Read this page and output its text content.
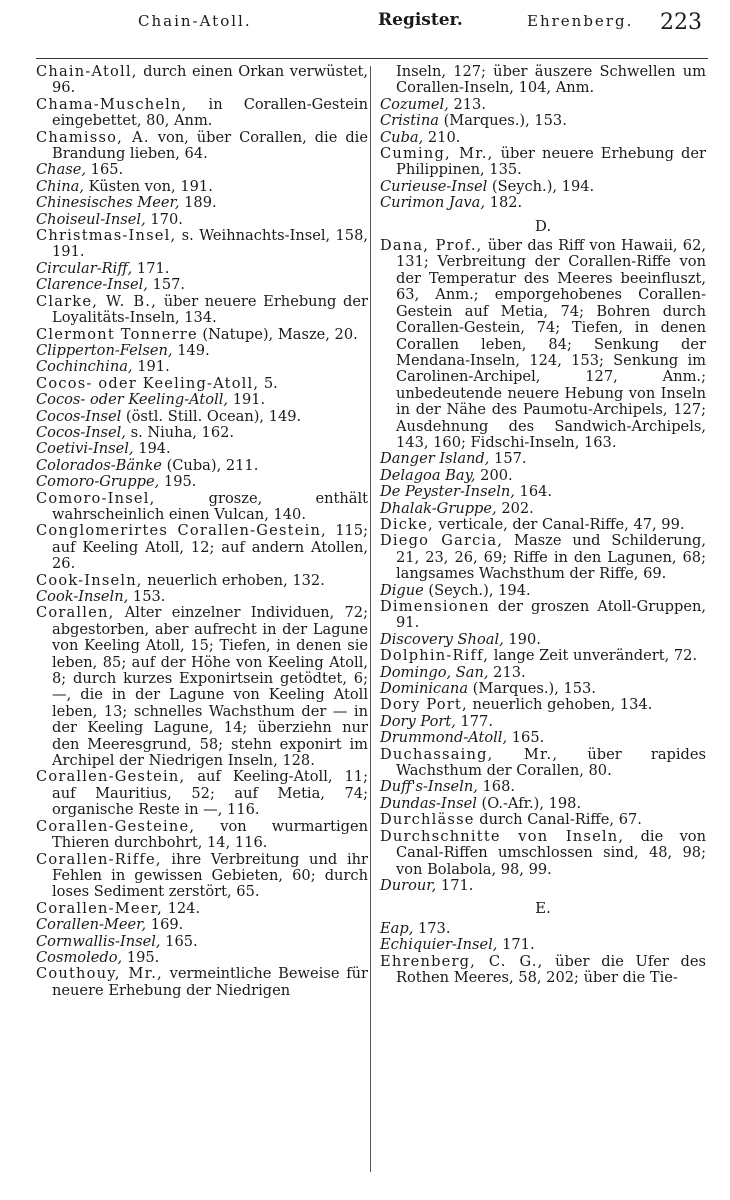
Chain-Atoll.	Register.	Ehrenberg. 223

Chain-Atoll, durch einen Orkan verwüstet, 96.

Chama-Muscheln, in Corallen-Gestein eingebettet, 80, Anm.

Chamisso, A. von, über Corallen, die die Brandung lieben, 64.

Chase, 165.

China, Küsten von, 191.

Chinesisches Meer, 189.

Choiseul-Insel, 170.

Christmas-Insel, s. Weihnachts-Insel, 158, 191.

Circular-Riff, 171.

Clarence-Insel, 157.

Clarke, W. B., über neuere Erhebung der Loyalitäts-Inseln, 134.

Clermont Tonnerre (Natupe), Masze, 20.

Clipperton-Felsen, 149.

Cochinchina, 191.

Cocos- oder Keeling-Atoll, 5.

Cocos- oder Keeling-Atoll, 191.

Cocos-Insel (östl. Still. Ocean), 149.

Cocos-Insel, s. Niuha, 162.

Coetivi-Insel, 194.

Colorados-Bänke (Cuba), 211.

Comoro-Gruppe, 195.

Comoro-Insel, grosze, enthält wahrscheinlich einen Vulcan, 140.

Conglomerirtes Corallen-Gestein, 115; auf Keeling Atoll, 12; auf andern Atollen, 26.

Cook-Inseln, neuerlich erhoben, 132.

Cook-Inseln, 153.

Corallen, Alter einzelner Individuen, 72; abgestorben, aber aufrecht in der Lagune von Keeling Atoll, 15; Tiefen, in denen sie leben, 85; auf der Höhe von Keeling Atoll, 8; durch kurzes Exponirtsein getödtet, 6; —, die in der Lagune von Keeling Atoll leben, 13; schnelles Wachsthum der — in der Keeling Lagune, 14; überziehn nur den Meeresgrund, 58; stehn exponirt im Archipel der Niedrigen Inseln, 128.

Corallen-Gestein, auf Keeling-Atoll, 11; auf Mauritius, 52; auf Metia, 74; organische Reste in —, 116.

Corallen-Gesteine, von wurmartigen Thieren durchbohrt, 14, 116.

Corallen-Riffe, ihre Verbreitung und ihr Fehlen in gewissen Gebieten, 60; durch loses Sediment zerstört, 65.

Corallen-Meer, 124.

Corallen-Meer, 169.

Cornwallis-Insel, 165.

Cosmoledo, 195.

Couthouy, Mr., vermeintliche Beweise für neuere Erhebung der Niedrigen

Inseln, 127; über äuszere Schwellen um Corallen-Inseln, 104, Anm.

Cozumel, 213.

Cristina (Marques.), 153.

Cuba, 210.

Cuming, Mr., über neuere Erhebung der Philippinen, 135.

Curieuse-Insel (Seych.), 194.

Curimon Java, 182.

D.

Dana, Prof., über das Riff von Hawaii, 62, 131; Verbreitung der Corallen-Riffe von der Temperatur des Meeres beeinfluszt, 63, Anm.; emporgehobenes Corallen-Gestein auf Metia, 74; Bohren durch Corallen-Gestein, 74; Tiefen, in denen Corallen leben, 84; Senkung der Mendana-Inseln, 124, 153; Senkung im Carolinen-Archipel, 127, Anm.; unbedeutende neuere Hebung von Inseln in der Nähe des Paumotu-Archipels, 127; Ausdehnung des Sandwich-Archipels, 143, 160; Fidschi-Inseln, 163.

Danger Island, 157.

Delagoa Bay, 200.

De Peyster-Inseln, 164.

Dhalak-Gruppe, 202.

Dicke, verticale, der Canal-Riffe, 47, 99.

Diego Garcia, Masze und Schilderung, 21, 23, 26, 69; Riffe in den Lagunen, 68; langsames Wachsthum der Riffe, 69.

Digue (Seych.), 194.

Dimensionen der groszen Atoll-Gruppen, 91.

Discovery Shoal, 190.

Dolphin-Riff, lange Zeit unverändert, 72.

Domingo, San, 213.

Dominicana (Marques.), 153.

Dory Port, neuerlich gehoben, 134.

Dory Port, 177.

Drummond-Atoll, 165.

Duchassaing, Mr., über rapides Wachsthum der Corallen, 80.

Duff's-Inseln, 168.

Dundas-Insel (O.-Afr.), 198.

Durchlässe durch Canal-Riffe, 67.

Durchschnitte von Inseln, die von Canal-Riffen umschlossen sind, 48, 98; von Bolabola, 98, 99.

Durour, 171.

E.

Eap, 173.

Echiquier-Insel, 171.

Ehrenberg, C. G., über die Ufer des Rothen Meeres, 58, 202; über die Tie-
